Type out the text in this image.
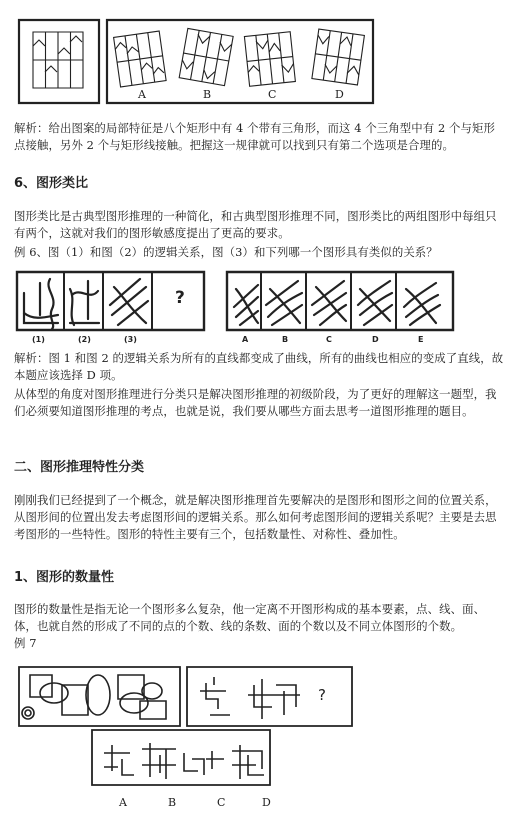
A	B	C	D
解析：给出图案的局部特征是八个矩形中有 4 个带有三角形，而这 4 个三角型中有 2 个与矩形点接触，另外 2 个与矩形线接触。把握这一规律就可以找到只有第二个选项是合理的。
6、图形类比
图形类比是古典型图形推理的一种简化，和古典型图形推理不同，图形类比的两组图形中每组只有两个，这就对我们的图形敏感度提出了更高的要求。
例 6、图（1）和图（2）的逻辑关系，图（3）和下列哪一个图形具有类似的关系？
?
(1)	(2)	(3)	A	B	C	D	E
解析：图 1 和图 2 的逻辑关系为所有的直线都变成了曲线，所有的曲线也相应的变成了直线，故本题应该选择 D 项。
从体型的角度对图形推理进行分类只是解决图形推理的初级阶段，为了更好的理解这一题型，我们必须要知道图形推理的考点，也就是说，我们要从哪些方面去思考一道图形推理的题目。
二、图形推理特性分类
刚刚我们已经提到了一个概念，就是解决图形推理首先要解决的是图形和图形之间的位置关系，从图形间的位置出发去考虑图形间的逻辑关系。那么如何考虑图形间的逻辑关系呢？主要是去思考图形的一些特性。图形的特性主要有三个，包括数量性、对称性、叠加性。
1、图形的数量性
图形的数量性是指无论一个图形多么复杂，他一定离不开图形构成的基本要素，点、线、面、体，也就自然的形成了不同的点的个数、线的条数、面的个数以及不同立体图形的个数。
例 7
?
A	B	C	D
